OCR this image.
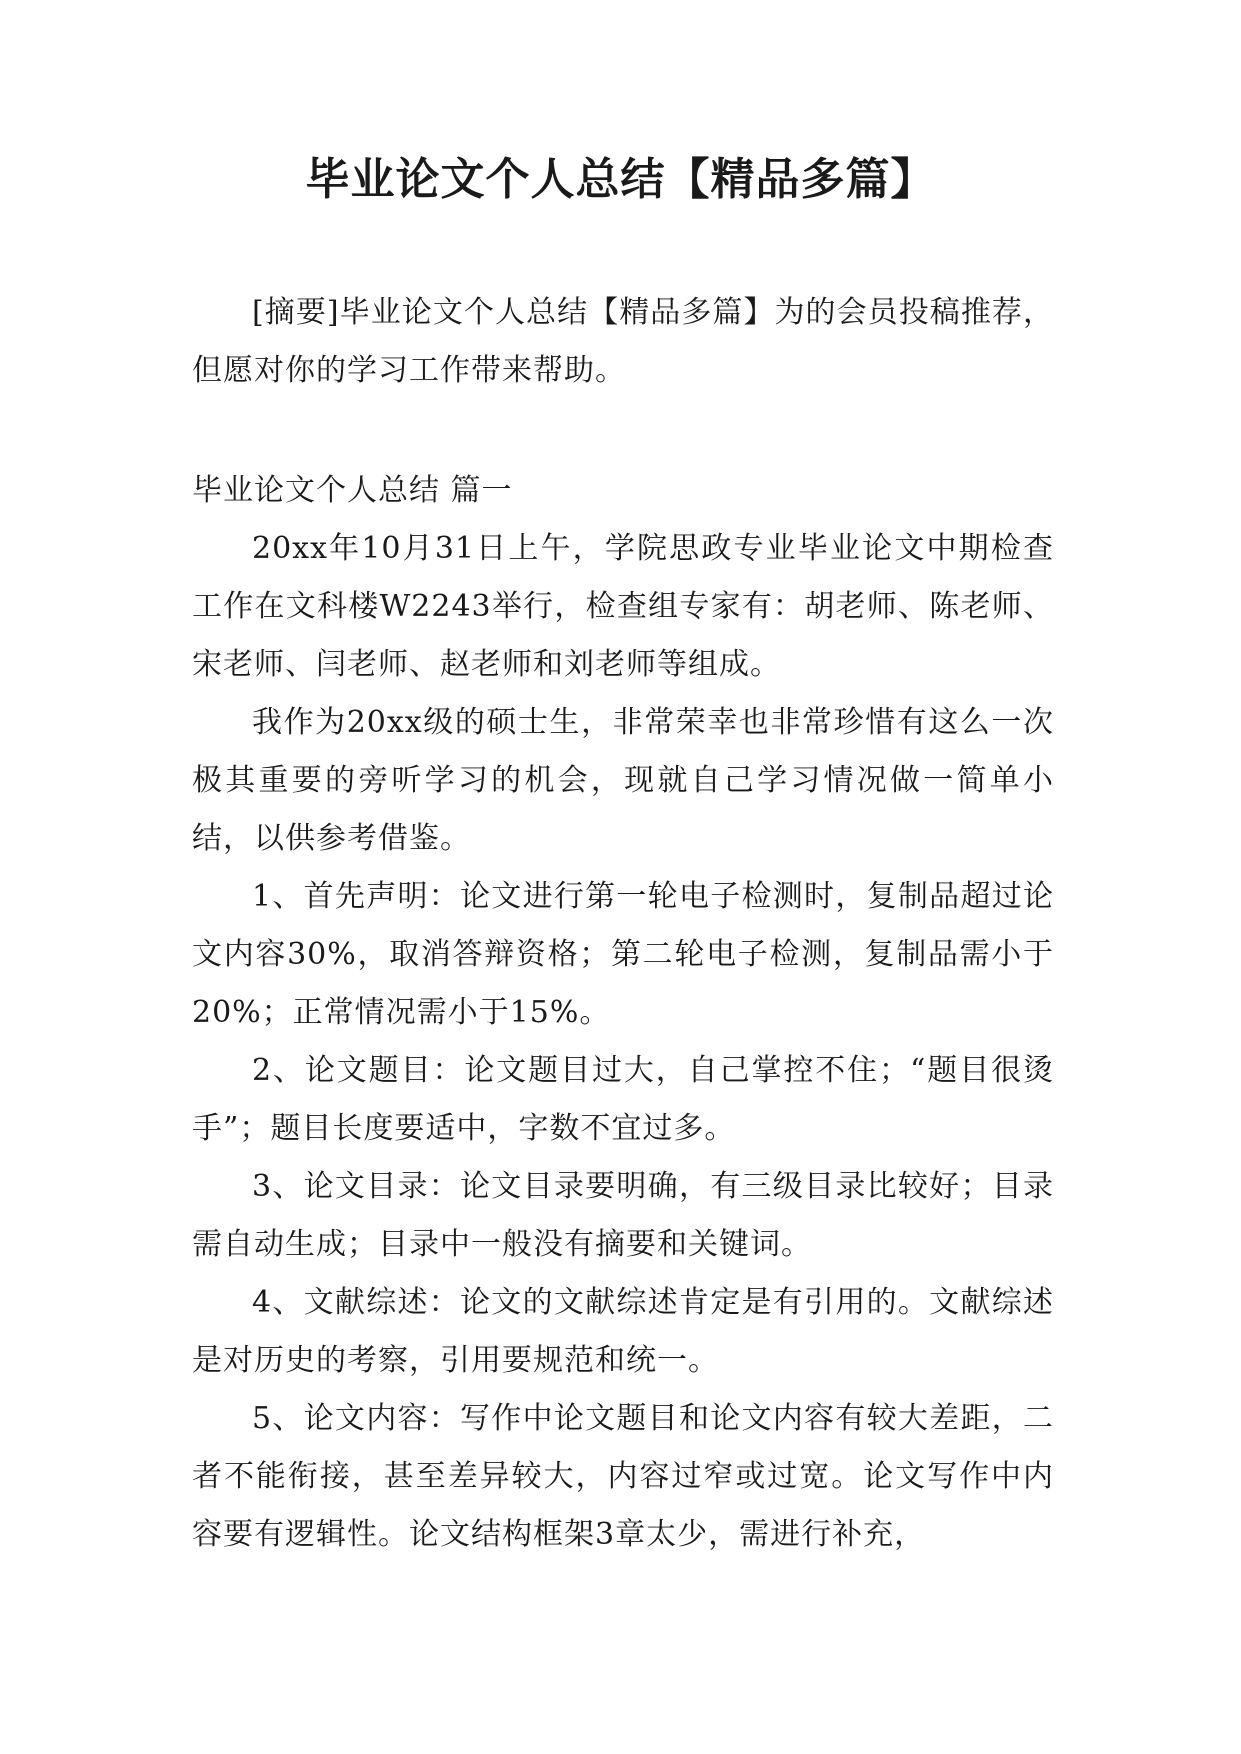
毕业论文个人总结【精品多篇】

[摘要]毕业论文个人总结【精品多篇】为的会员投稿推荐，但愿对你的学习工作带来帮助。

毕业论文个人总结 篇一

20xx年10月31日上午，学院思政专业毕业论文中期检查工作在文科楼W2243举行，检查组专家有：胡老师、陈老师、宋老师、闫老师、赵老师和刘老师等组成。

我作为20xx级的硕士生，非常荣幸也非常珍惜有这么一次极其重要的旁听学习的机会，现就自己学习情况做一简单小结，以供参考借鉴。

1、首先声明：论文进行第一轮电子检测时，复制品超过论文内容30%，取消答辩资格；第二轮电子检测，复制品需小于20%；正常情况需小于15%。

2、论文题目：论文题目过大，自己掌控不住；“题目很烫手”；题目长度要适中，字数不宜过多。

3、论文目录：论文目录要明确，有三级目录比较好；目录需自动生成；目录中一般没有摘要和关键词。

4、文献综述：论文的文献综述肯定是有引用的。文献综述是对历史的考察，引用要规范和统一。

5、论文内容：写作中论文题目和论文内容有较大差距，二者不能衔接，甚至差异较大，内容过窄或过宽。论文写作中内容要有逻辑性。论文结构框架3章太少，需进行补充，
